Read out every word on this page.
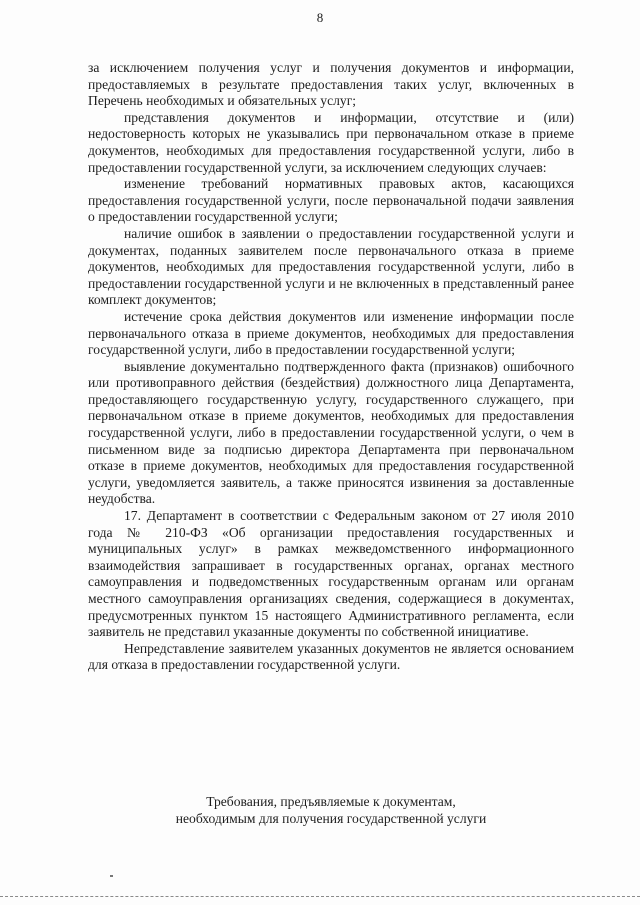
8

за исключением получения услуг и получения документов и информации, предоставляемых в результате предоставления таких услуг, включенных в Перечень необходимых и обязательных услуг;

представления документов и информации, отсутствие и (или) недостоверность которых не указывались при первоначальном отказе в приеме документов, необходимых для предоставления государственной услуги, либо в предоставлении государственной услуги, за исключением следующих случаев:

изменение требований нормативных правовых актов, касающихся предоставления государственной услуги, после первоначальной подачи заявления о предоставлении государственной услуги;

наличие ошибок в заявлении о предоставлении государственной услуги и документах, поданных заявителем после первоначального отказа в приеме документов, необходимых для предоставления государственной услуги, либо в предоставлении государственной услуги и не включенных в представленный ранее комплект документов;

истечение срока действия документов или изменение информации после первоначального отказа в приеме документов, необходимых для предоставления государственной услуги, либо в предоставлении государственной услуги;

выявление документально подтвержденного факта (признаков) ошибочного или противоправного действия (бездействия) должностного лица Департамента, предоставляющего государственную услугу, государственного служащего, при первоначальном отказе в приеме документов, необходимых для предоставления государственной услуги, либо в предоставлении государственной услуги, о чем в письменном виде за подписью директора Департамента при первоначальном отказе в приеме документов, необходимых для предоставления государственной услуги, уведомляется заявитель, а также приносятся извинения за доставленные неудобства.

17. Департамент в соответствии с Федеральным законом от 27 июля 2010 года № 210-ФЗ «Об организации предоставления государственных и муниципальных услуг» в рамках межведомственного информационного взаимодействия запрашивает в государственных органах, органах местного самоуправления и подведомственных государственным органам или органам местного самоуправления организациях сведения, содержащиеся в документах, предусмотренных пунктом 15 настоящего Административного регламента, если заявитель не представил указанные документы по собственной инициативе.

Непредставление заявителем указанных документов не является основанием для отказа в предоставлении государственной услуги.

Требования, предъявляемые к документам,
необходимым для получения государственной услуги
